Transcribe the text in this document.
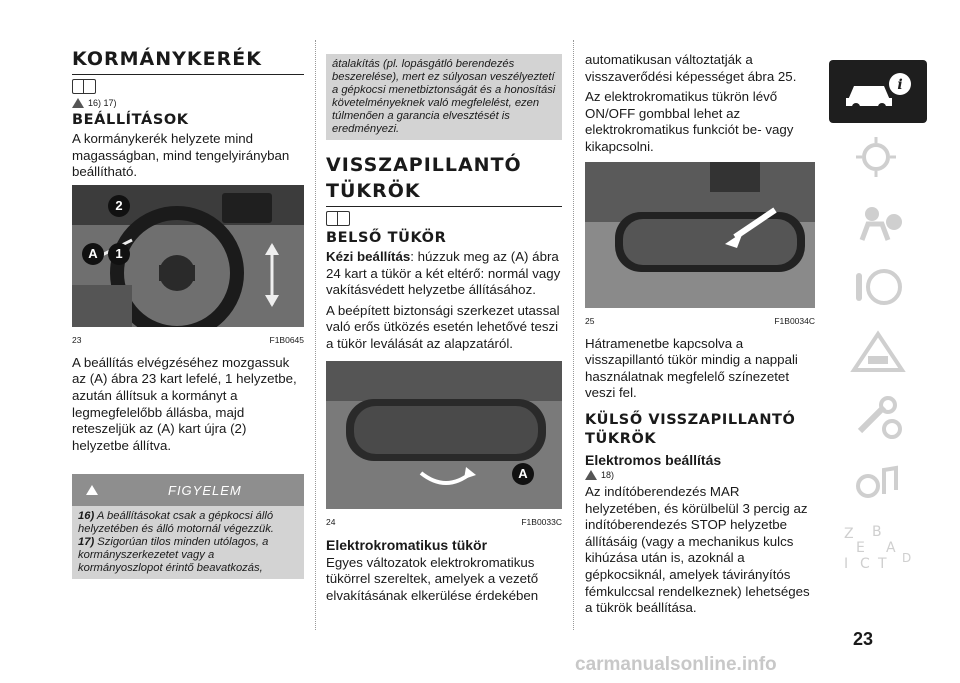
KORMÁNYKERÉK
16) 17)
BEÁLLÍTÁSOK

A kormánykerék helyzete mind magasságban, mind tengelyirányban beállítható.

2
A	1
23	F1B0645

A beállítás elvégzéséhez mozgassuk az (A) ábra 23 kart lefelé, 1 helyzetbe, azután állítsuk a kormányt a legmegfelelőbb állásba, majd reteszeljük az (A) kart újra (2) helyzetbe állítva.

FIGYELEM
16) A beállításokat csak a gépkocsi álló helyzetében és álló motornál végezzük.
17) Szigorúan tilos minden utólagos, a kormányszerkezetet vagy a kormányoszlopot érintő beavatkozás,
átalakítás (pl. lopásgátló berendezés beszerelése), mert ez súlyosan veszélyeztetí a gépkocsi menetbiztonságát és a honosítási követelményeknek való megfelelést, ezen túlmenően a garancia elvesztését is eredményezi.
VISSZAPILLANTÓ
TÜKRÖK
BELSŐ TÜKÖR

Kézi beállítás: húzzuk meg az (A) ábra 24 kart a tükör a két eltérő: normál vagy vakításvédett helyzetbe állításához.

A beépített biztonsági szerkezet utassal való erős ütközés esetén lehetővé teszi a tükör leválását az alapzatáról.

A
24	F1B0033C
Elektrokromatikus tükör

Egyes változatok elektrokromatikus tükörrel szereltek, amelyek a vezető elvakításának elkerülése érdekében

automatikusan változtatják a visszaverődési képességet ábra 25.

Az elektrokromatikus tükrön lévő ON/OFF gombbal lehet az elektrokromatikus funkciót be- vagy kikapcsolni.

25	F1B0034C

Hátramenetbe kapcsolva a visszapillantó tükör mindig a nappali használatnak megfelelő színezetet veszi fel.

KÜLSŐ VISSZAPILLANTÓ
TÜKRÖK
Elektromos beállítás
18)

Az indítóberendezés MAR helyzetében, és körülbelül 3 percig az indítóberendezés STOP helyzetbe állításáig (vagy a mechanikus kulcs kihúzása után is, azoknál a gépkocsiknál, amelyek távirányítós fémkulccsal rendelkeznek) lehetséges a tükrök beállítása.

i
Z B
E A
D
I C T
23
carmanualsonline.info
